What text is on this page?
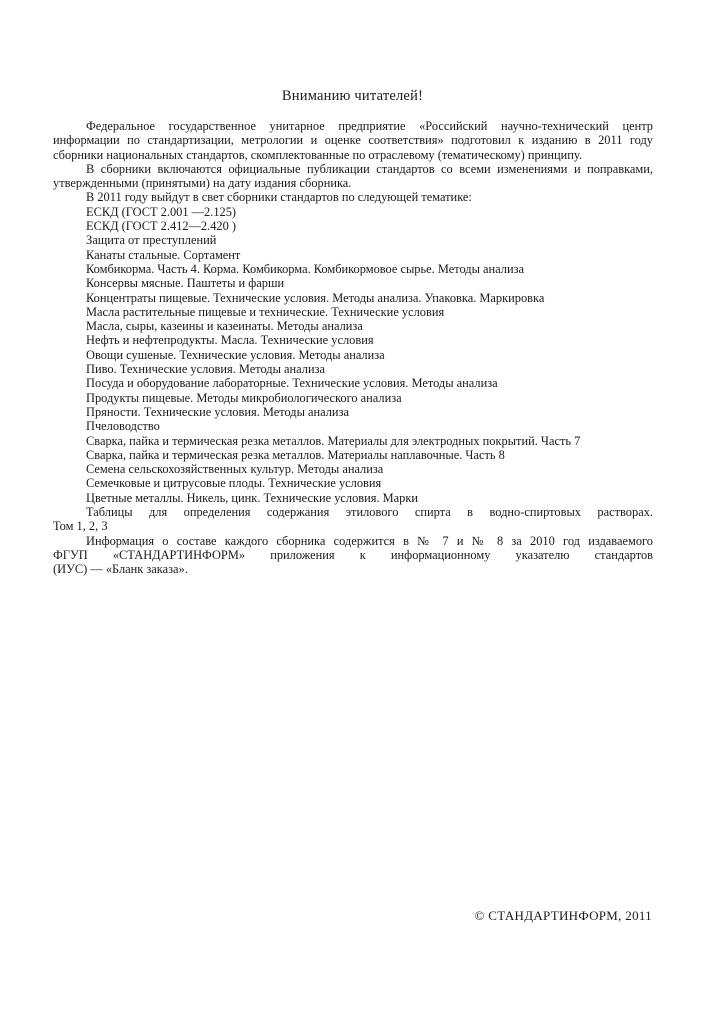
Вниманию читателей!

Федеральное государственное унитарное предприятие «Российский научно-технический центр информации по стандартизации, метрологии и оценке соответствия» подготовил к изданию в 2011 году сборники национальных стандартов, скомплектованные по отраслевому (тематическому) принципу.

В сборники включаются официальные публикации стандартов со всеми изменениями и поправками, утвержденными (принятыми) на дату издания сборника.

В 2011 году выйдут в свет сборники стандартов по следующей тематике:

ЕСКД (ГОСТ 2.001 —2.125)
ЕСКД (ГОСТ 2.412—2.420 )
Защита от преступлений
Канаты стальные. Сортамент
Комбикорма. Часть 4. Корма. Комбикорма. Комбикормовое сырье. Методы анализа
Консервы мясные. Паштеты и фарши
Концентраты пищевые. Технические условия. Методы анализа. Упаковка. Маркировка
Масла растительные пищевые и технические. Технические условия
Масла, сыры, казеины и казеинаты. Методы анализа
Нефть и нефтепродукты. Масла. Технические условия
Овощи сушеные. Технические условия. Методы анализа
Пиво. Технические условия. Методы анализа
Посуда и оборудование лабораторные. Технические условия. Методы анализа
Продукты пищевые. Методы микробиологического анализа
Пряности. Технические условия. Методы анализа
Пчеловодство
Сварка, пайка и термическая резка металлов. Материалы для электродных покрытий. Часть 7
Сварка, пайка и термическая резка металлов. Материалы наплавочные. Часть 8
Семена сельскохозяйственных культур. Методы анализа
Семечковые и цитрусовые плоды. Технические условия
Цветные металлы. Никель, цинк. Технические условия. Марки
Таблицы для определения содержания этилового спирта в водно-спиртовых растворах.
Том 1, 2, 3

Информация о составе каждого сборника содержится в № 7 и № 8 за 2010 год издаваемого
ФГУП «СТАНДАРТИНФОРМ» приложения к информационному указателю стандартов
(ИУС) — «Бланк заказа».

© СТАНДАРТИНФОРМ, 2011
